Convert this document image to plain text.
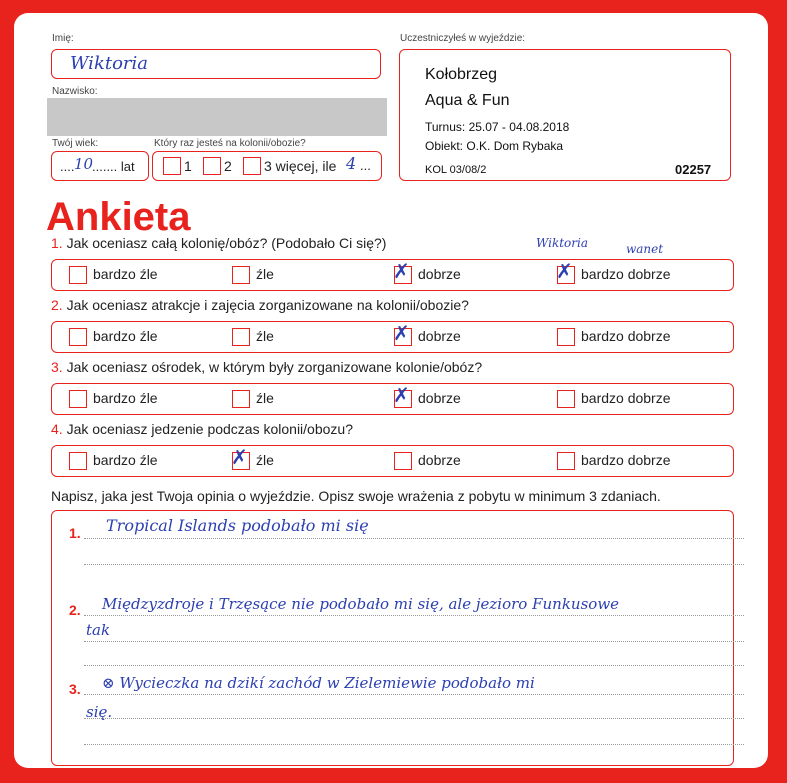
Imię:
Wiktoria
Nazwisko:
Twój wiek:
.... 10
....... lat
Który raz jesteś na kolonii/obozie?
1 2 3 więcej, ile 4 ...
Uczestniczyłeś w wyjeździe:
Kołobrzeg
Aqua & Fun
Turnus: 25.07 - 04.08.2018
Obiekt: O.K. Dom Rybaka
KOL 03/08/2	02257
Ankieta
Wiktoria	wanet
1. Jak oceniasz całą kolonię/obóz? (Podobało Ci się?)
bardzo źle	źle	✗ dobrze	✗ bardzo dobrze
2. Jak oceniasz atrakcje i zajęcia zorganizowane na kolonii/obozie?
bardzo źle	źle	✗ dobrze	bardzo dobrze
3. Jak oceniasz ośrodek, w którym były zorganizowane kolonie/obóz?
bardzo źle	źle	✗ dobrze	bardzo dobrze
4. Jak oceniasz jedzenie podczas kolonii/obozu?
bardzo źle	✗ źle	dobrze	bardzo dobrze
Napisz, jaka jest Twoja opinia o wyjeździe. Opisz swoje wrażenia z pobytu w minimum 3 zdaniach.
1. Tropical Islands podobało mi się
2. Międzyzdroje i Trzęsące nie podobało mi się, ale jezioro Funkusowe
tak
3. ⊗ Wycieczka na dzikí zachód w Zielemiewie podobało mi
się.
